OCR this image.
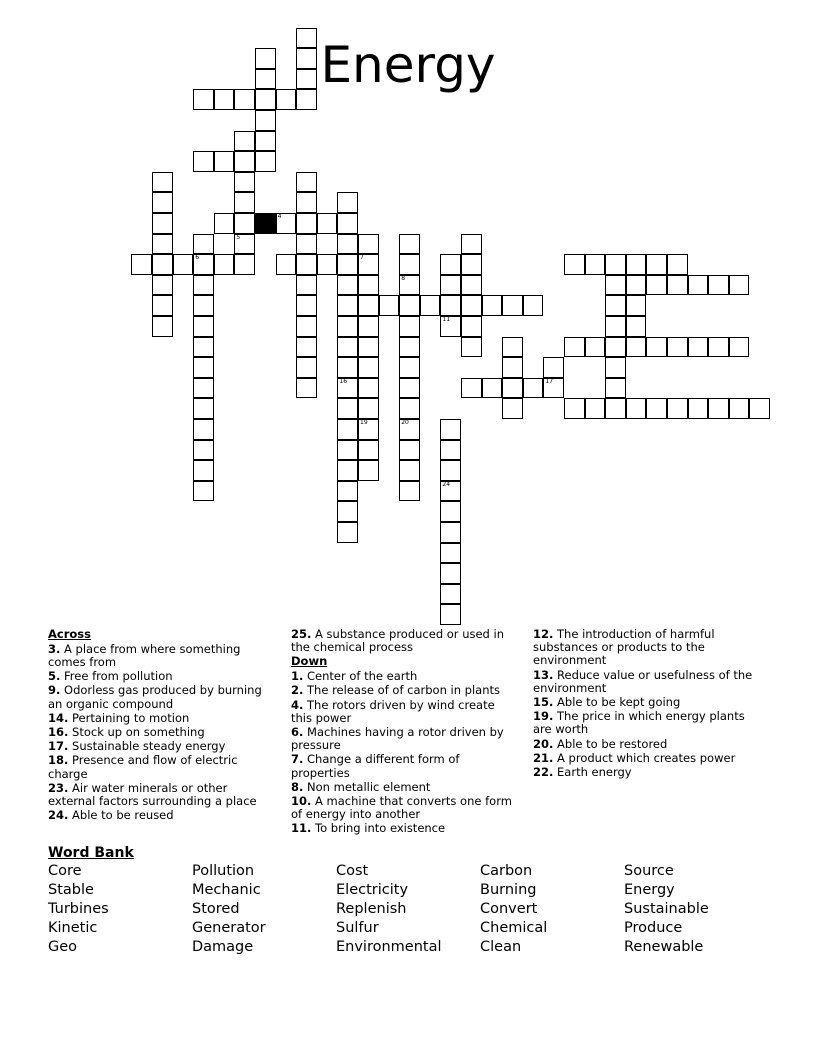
Energy
5
16
4
6	7
19
8
20
11
17
24
Across
3. A place from where something comes from
5. Free from pollution
9. Odorless gas produced by burning an organic compound
14. Pertaining to motion
16. Stock up on something
17. Sustainable steady energy
18. Presence and flow of electric charge
23. Air water minerals or other external factors surrounding a place
24. Able to be reused
25. A substance produced or used in the chemical process
Down
1. Center of the earth
2. The release of of carbon in plants
4. The rotors driven by wind create this power
6. Machines having a rotor driven by pressure
7. Change a different form of properties
8. Non metallic element
10. A machine that converts one form of energy into another
11. To bring into existence
12. The introduction of harmful substances or products to the environment
13. Reduce value or usefulness of the environment
15. Able to be kept going
19. The price in which energy plants are worth
20. Able to be restored
21. A product which creates power
22. Earth energy
Word Bank
Core
Stable
Turbines
Kinetic
Geo
Pollution
Mechanic
Stored
Generator
Damage
Cost
Electricity
Replenish
Sulfur
Environmental
Carbon
Burning
Convert
Chemical
Clean
Source
Energy
Sustainable
Produce
Renewable
